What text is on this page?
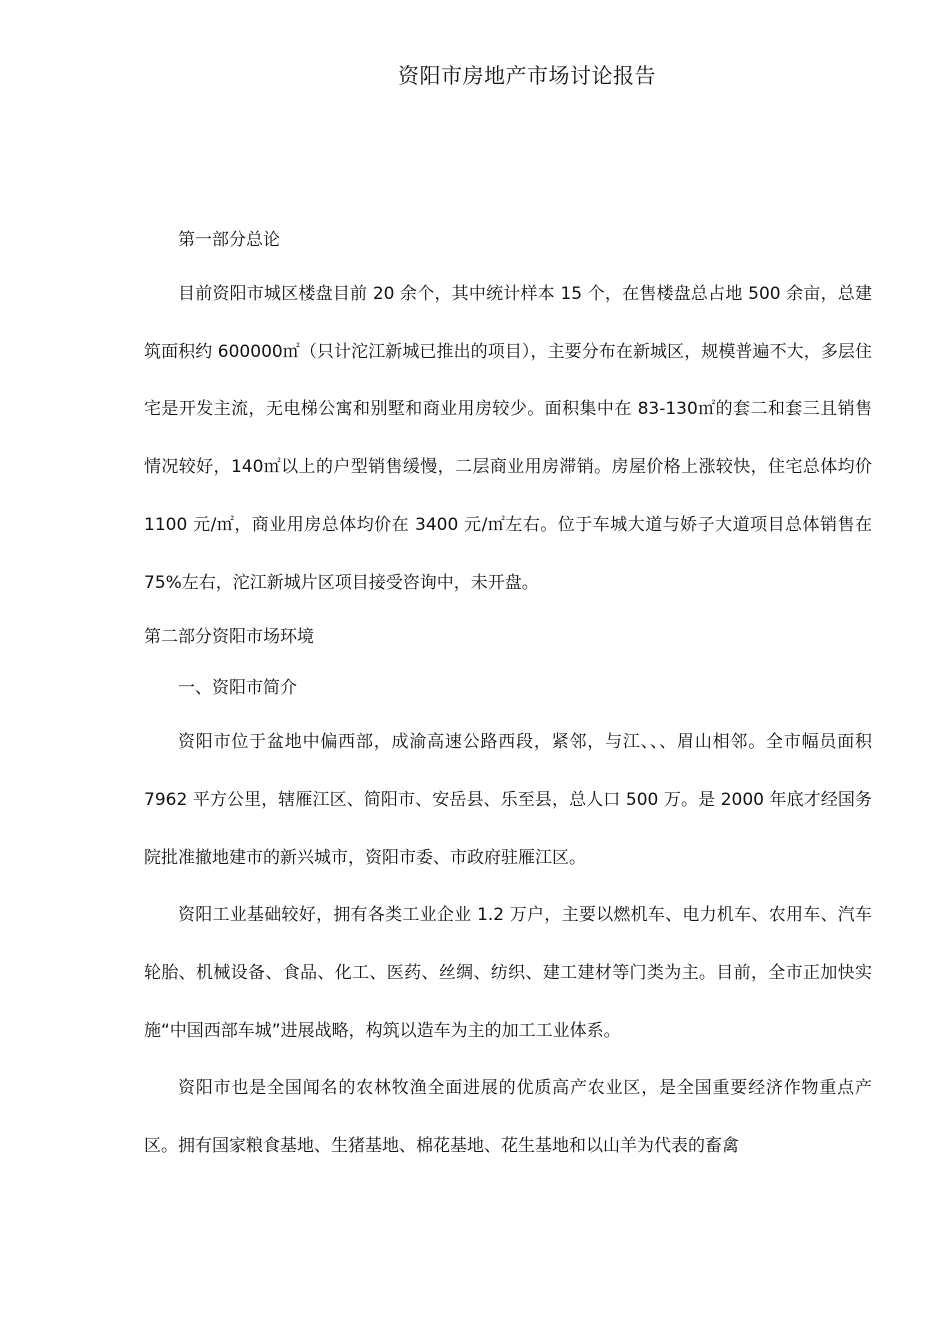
资阳市房地产市场讨论报告

第一部分总论

目前资阳市城区楼盘目前 20 余个，其中统计样本 15 个，在售楼盘总占地 500 余亩，总建筑面积约 600000㎡（只计沱江新城已推出的项目），主要分布在新城区，规模普遍不大，多层住宅是开发主流，无电梯公寓和别墅和商业用房较少。面积集中在 83-130㎡的套二和套三且销售情况较好，140㎡以上的户型销售缓慢，二层商业用房滞销。房屋价格上涨较快，住宅总体均价 1100 元/㎡，商业用房总体均价在 3400 元/㎡左右。位于车城大道与娇子大道项目总体销售在 75%左右，沱江新城片区项目接受咨询中，未开盘。

第二部分资阳市场环境

一、资阳市简介

资阳市位于盆地中偏西部，成渝高速公路西段，紧邻，与江、、、眉山相邻。全市幅员面积 7962 平方公里，辖雁江区、简阳市、安岳县、乐至县，总人口 500 万。是 2000 年底才经国务院批准撤地建市的新兴城市，资阳市委、市政府驻雁江区。

资阳工业基础较好，拥有各类工业企业 1.2 万户，主要以燃机车、电力机车、农用车、汽车轮胎、机械设备、食品、化工、医药、丝绸、纺织、建工建材等门类为主。目前，全市正加快实施“中国西部车城”进展战略，构筑以造车为主的加工工业体系。

资阳市也是全国闻名的农林牧渔全面进展的优质高产农业区，是全国重要经济作物重点产区。拥有国家粮食基地、生猪基地、棉花基地、花生基地和以山羊为代表的畜禽
